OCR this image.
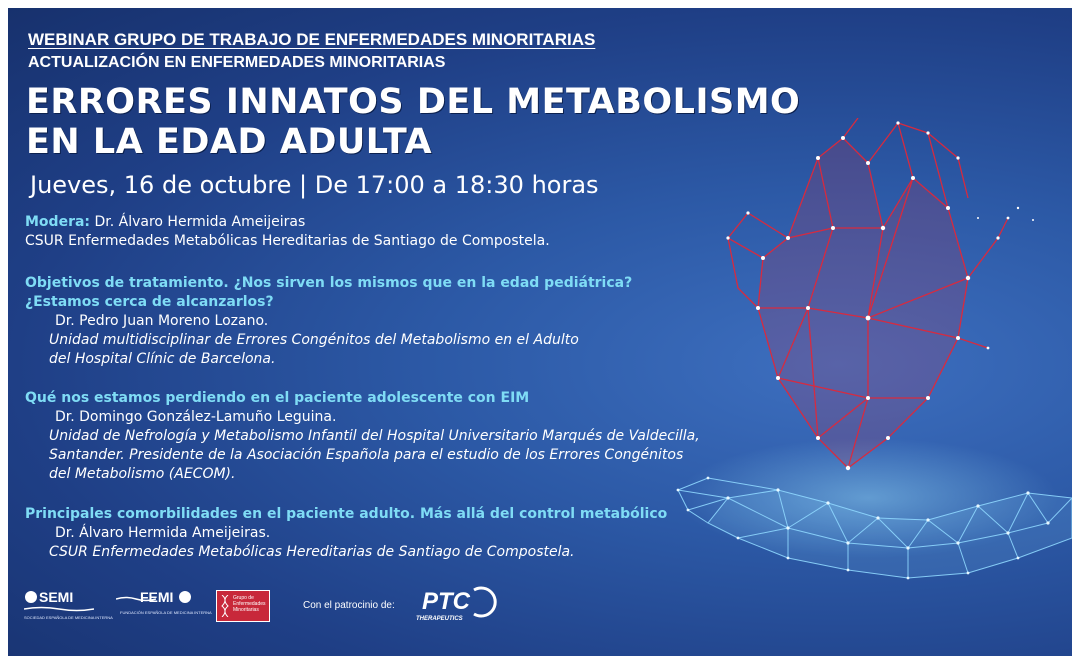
WEBINAR GRUPO DE TRABAJO DE ENFERMEDADES MINORITARIAS
ACTUALIZACIÓN EN ENFERMEDADES MINORITARIAS
ERRORES INNATOS DEL METABOLISMO
EN LA EDAD ADULTA
Jueves, 16 de octubre | De 17:00 a 18:30 horas
Modera: Dr. Álvaro Hermida Ameijeiras
CSUR Enfermedades Metabólicas Hereditarias de Santiago de Compostela.
Objetivos de tratamiento. ¿Nos sirven los mismos que en la edad pediátrica?
¿Estamos cerca de alcanzarlos?
Dr. Pedro Juan Moreno Lozano.
Unidad multidisciplinar de Errores Congénitos del Metabolismo en el Adulto
del Hospital Clínic de Barcelona.
Qué nos estamos perdiendo en el paciente adolescente con EIM
Dr. Domingo González-Lamuño Leguina.
Unidad de Nefrología y Metabolismo Infantil del Hospital Universitario Marqués de Valdecilla,
Santander. Presidente de la Asociación Española para el estudio de los Errores Congénitos
del Metabolismo (AECOM).
Principales comorbilidades en el paciente adulto. Más allá del control metabólico
Dr. Álvaro Hermida Ameijeiras.
CSUR Enfermedades Metabólicas Hereditarias de Santiago de Compostela.
SEMI
SOCIEDAD ESPAÑOLA DE MEDICINA INTERNA
FEMI
FUNDACIÓN ESPAÑOLA DE MEDICINA INTERNA
Grupo de Enfermedades Minoritarias	Con el patrocinio de: PTC
THERAPEUTICS
